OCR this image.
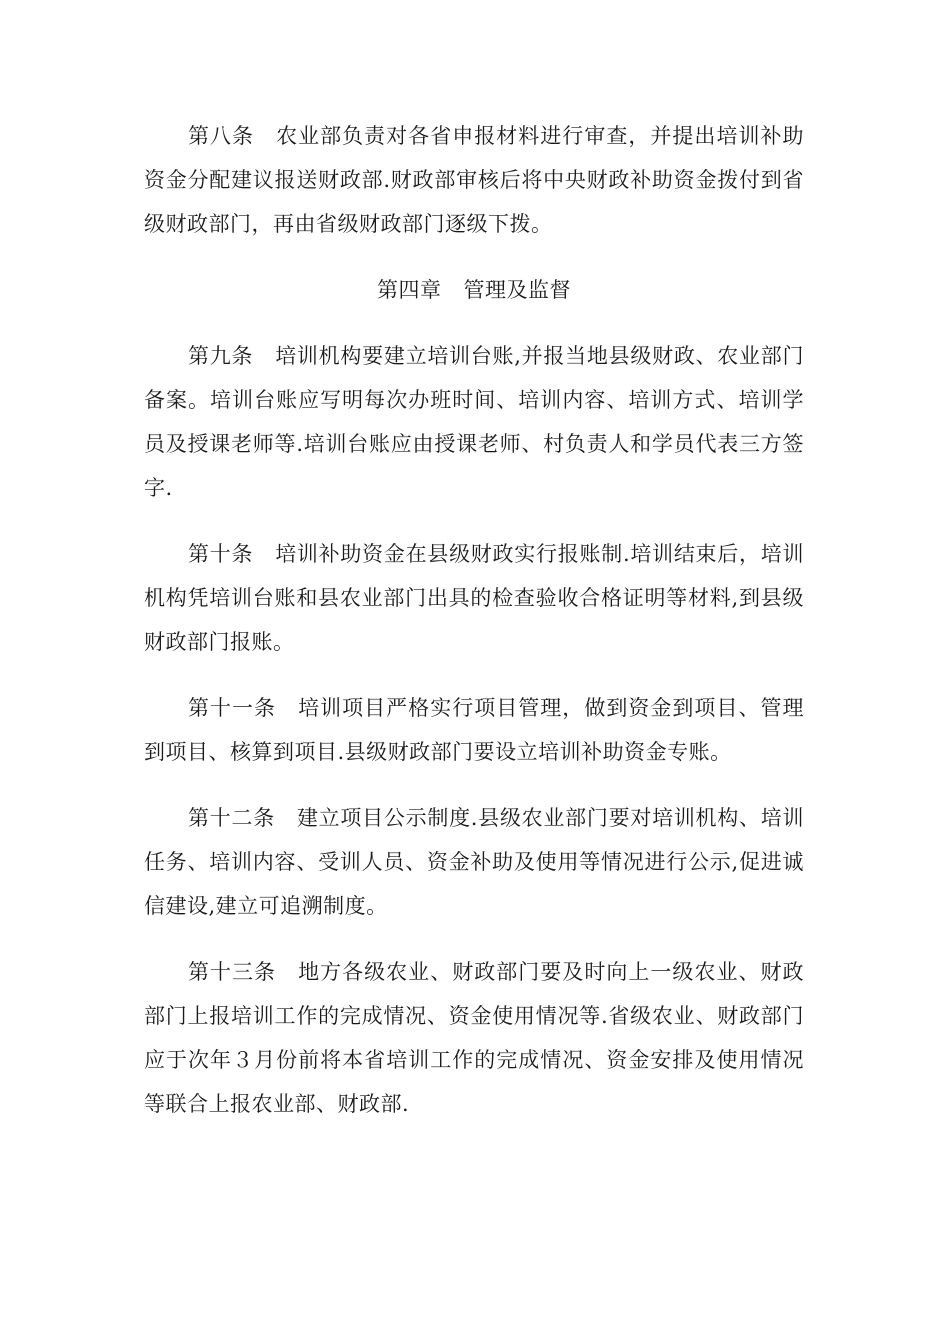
第八条 农业部负责对各省申报材料进行审查，并提出培训补助资金分配建议报送财政部.财政部审核后将中央财政补助资金拨付到省级财政部门，再由省级财政部门逐级下拨。

第四章 管理及监督

第九条 培训机构要建立培训台账,并报当地县级财政、农业部门备案。培训台账应写明每次办班时间、培训内容、培训方式、培训学员及授课老师等.培训台账应由授课老师、村负责人和学员代表三方签字.

第十条 培训补助资金在县级财政实行报账制.培训结束后，培训机构凭培训台账和县农业部门出具的检查验收合格证明等材料,到县级财政部门报账。

第十一条 培训项目严格实行项目管理，做到资金到项目、管理到项目、核算到项目.县级财政部门要设立培训补助资金专账。

第十二条 建立项目公示制度.县级农业部门要对培训机构、培训任务、培训内容、受训人员、资金补助及使用等情况进行公示,促进诚信建设,建立可追溯制度。

第十三条 地方各级农业、财政部门要及时向上一级农业、财政部门上报培训工作的完成情况、资金使用情况等.省级农业、财政部门应于次年３月份前将本省培训工作的完成情况、资金安排及使用情况等联合上报农业部、财政部.
